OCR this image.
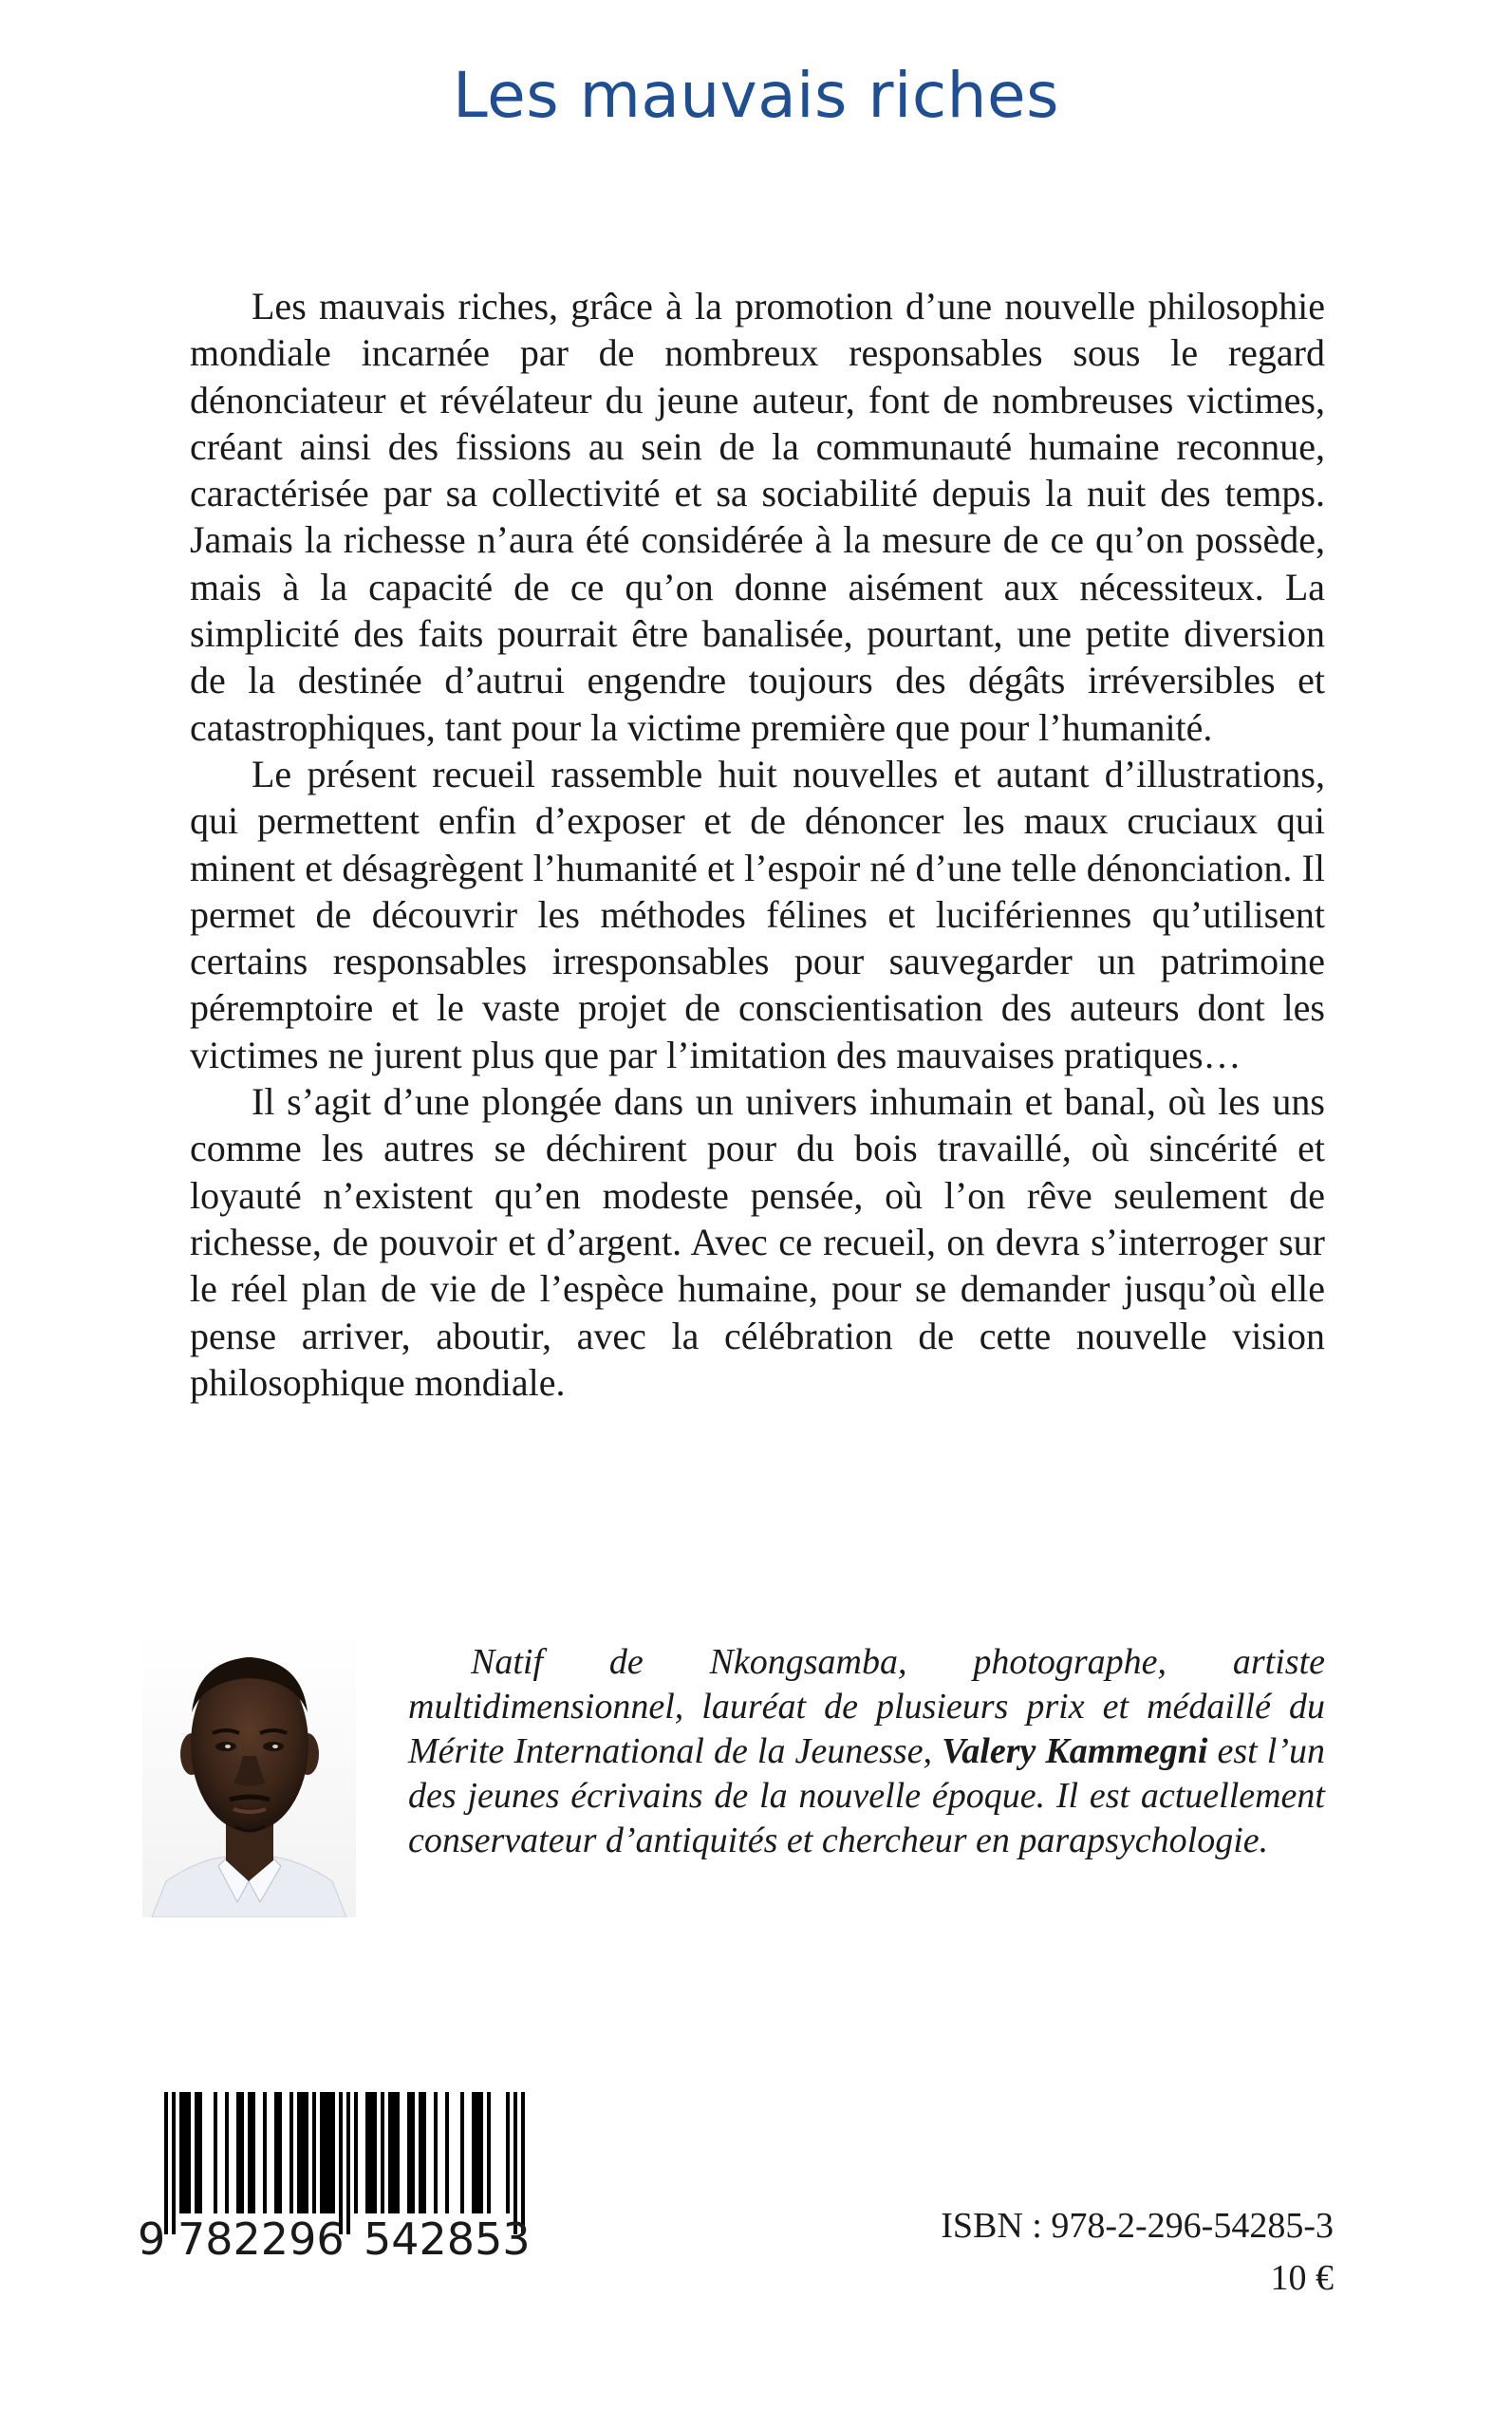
Les mauvais riches

Les mauvais riches, grâce à la promotion d’une nouvelle philosophie mondiale incarnée par de nombreux responsables sous le regard dénonciateur et révélateur du jeune auteur, font de nombreuses victimes, créant ainsi des fissions au sein de la communauté humaine reconnue, caractérisée par sa collectivité et sa sociabilité depuis la nuit des temps. Jamais la richesse n’aura été considérée à la mesure de ce qu’on possède, mais à la capacité de ce qu’on donne aisément aux nécessiteux. La simplicité des faits pourrait être banalisée, pourtant, une petite diversion de la destinée d’autrui engendre toujours des dégâts irréversibles et catastrophiques, tant pour la victime première que pour l’humanité.

Le présent recueil rassemble huit nouvelles et autant d’illustrations, qui permettent enfin d’exposer et de dénoncer les maux cruciaux qui minent et désagrègent l’humanité et l’espoir né d’une telle dénonciation. Il permet de découvrir les méthodes félines et lucifériennes qu’utilisent certains responsables irresponsables pour sauvegarder un patrimoine péremptoire et le vaste projet de conscientisation des auteurs dont les victimes ne jurent plus que par l’imitation des mauvaises pratiques…

Il s’agit d’une plongée dans un univers inhumain et banal, où les uns comme les autres se déchirent pour du bois travaillé, où sincérité et loyauté n’existent qu’en modeste pensée, où l’on rêve seulement de richesse, de pouvoir et d’argent. Avec ce recueil, on devra s’interroger sur le réel plan de vie de l’espèce humaine, pour se demander jusqu’où elle pense arriver, aboutir, avec la célébration de cette nouvelle vision philosophique mondiale.

Natif de Nkongsamba, photographe, artiste multidimensionnel, lauréat de plusieurs prix et médaillé du Mérite International de la Jeunesse, Valery Kammegni est l’un des jeunes écrivains de la nouvelle époque. Il est actuellement conservateur d’antiquités et chercheur en parapsychologie.

9 782296 542853	ISBN : 978-2-296-54285-3

10 €
